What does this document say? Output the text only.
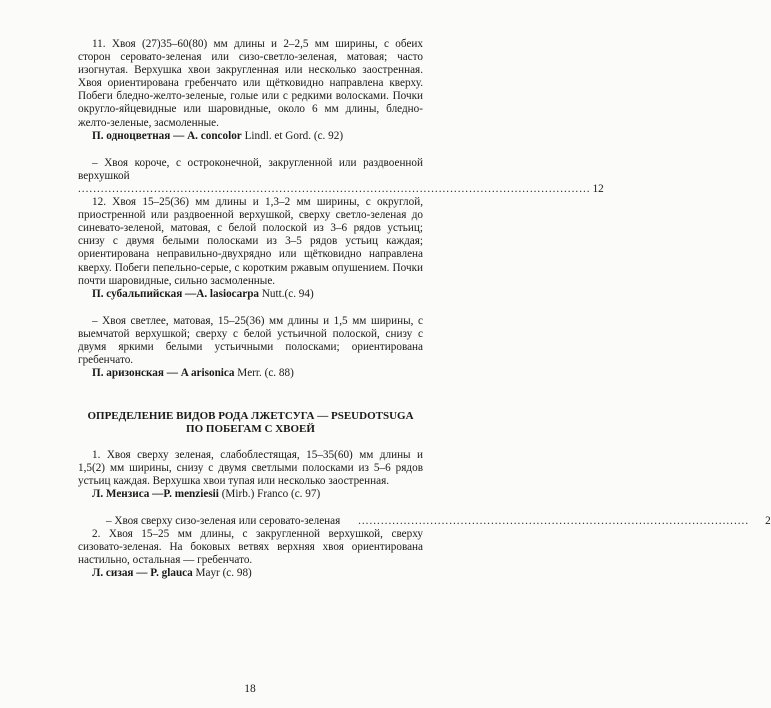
11. Хвоя (27)35–60(80) мм длины и 2–2,5 мм ширины, с обеих сторон серовато-зеленая или сизо-светло-зеленая, матовая; часто изогнутая. Верхушка хвои закругленная или несколько заостренная. Хвоя ориентирована гребенчато или щётковидно направлена кверху. Побеги бледно-желто-зеленые, голые или с редкими волосками. Почки округло-яйцевидные или шаровидные, около 6 мм длины, бледно-желто-зеленые, засмоленные.

П. одноцветная — A. concolor Lindl. et Gord. (с. 92)

– Хвоя короче, с остроконечной, закругленной или раздвоенной верхушкой
....................................................................................................................................... 12
12. Хвоя 15–25(36) мм длины и 1,3–2 мм ширины, с округлой, приостренной или раздвоенной верхушкой, сверху светло-зеленая до синевато-зеленой, матовая, с белой полоской из 3–6 рядов устьиц; снизу с двумя белыми полосками из 3–5 рядов устьиц каждая; ориентирована неправильно-двухрядно или щётковидно направлена кверху. Побеги пепельно-серые, с коротким ржавым опушением. Почки почти шаровидные, сильно засмоленные.

П. субальпийская —A. lasiocarpa Nutt.(с. 94)

– Хвоя светлее, матовая, 15–25(36) мм длины и 1,5 мм ширины, с выемчатой верхушкой; сверху с белой устьичной полоской, снизу с двумя яркими белыми устьичными полосками; ориентирована гребенчато.

П. аризонская — A arisonica Merr. (с. 88)

ОПРЕДЕЛЕНИЕ ВИДОВ РОДА ЛЖЕТСУГА — PSEUDOTSUGA
ПО ПОБЕГАМ С ХВОЕЙ
1. Хвоя сверху зеленая, слабоблестящая, 15–35(60) мм длины и 1,5(2) мм ширины, снизу с двумя светлыми полосками из 5–6 рядов устьиц каждая. Верхушка хвои тупая или несколько заостренная.

Л. Мензиса —P. menziesii (Mirb.) Franco (с. 97)

– Хвоя сверху сизо-зеленая или серовато-зеленая	.......................................................................................................	2
2. Хвоя 15–25 мм длины, с закругленной верхушкой, сверху сизовато-зеленая. На боковых ветвях верхняя хвоя ориентирована настильно, остальная — гребенчато.

Л. сизая — P. glauca Mayr (с. 98)

18
